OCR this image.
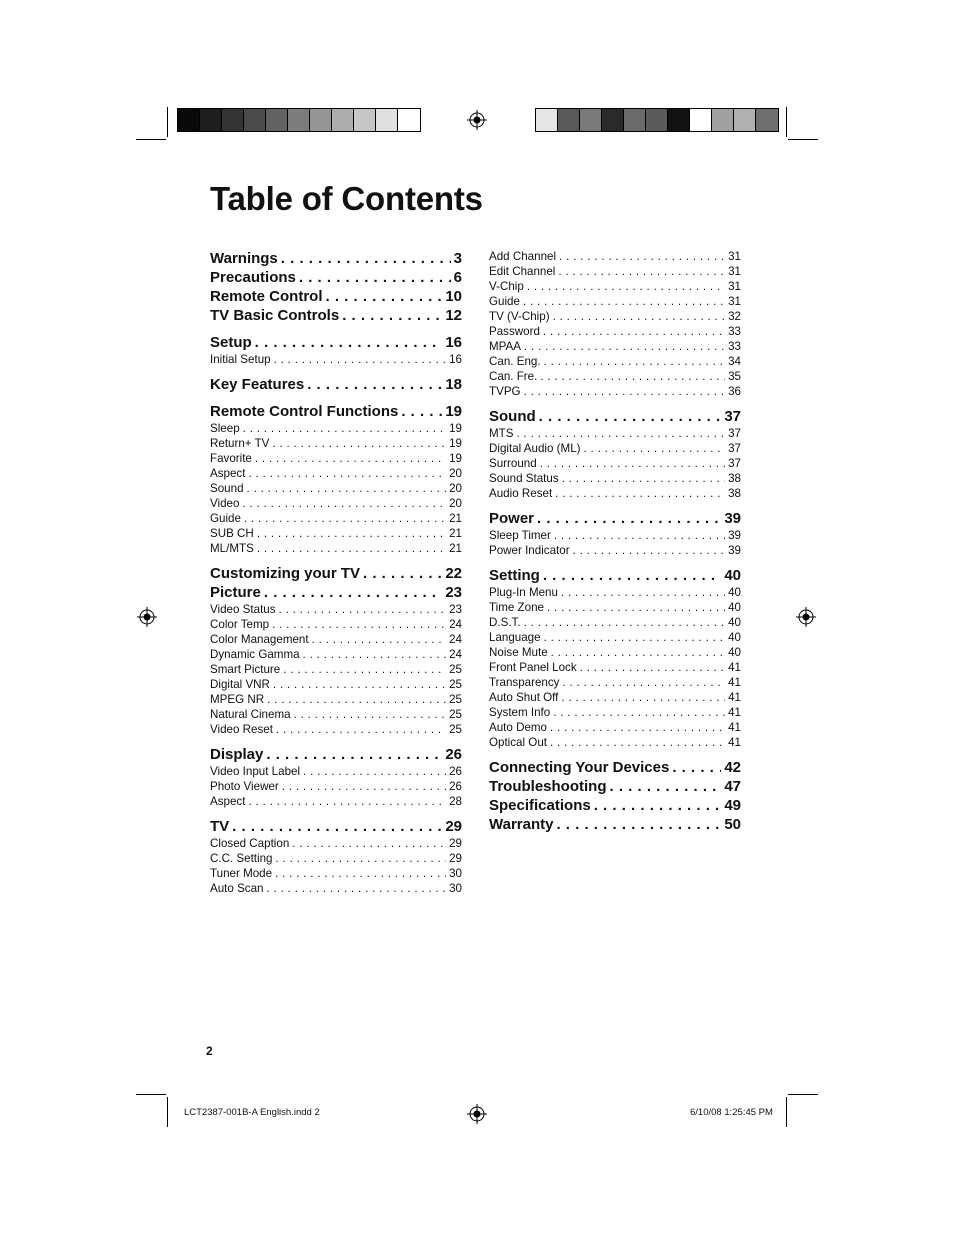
Table of Contents
Warnings . . .	3
Precautions . . .	6
Remote Control . . .	10
TV Basic Controls . . .	12
Setup . . .	16
Initial Setup . . .	16
Key Features . . .	18
Remote Control Functions . . .	19
Sleep . . .	19
Return+ TV . . .	19
Favorite . . .	19
Aspect . . .	20
Sound . . .	20
Video . . .	20
Guide . . .	21
SUB CH . . .	21
ML/MTS . . .	21
Customizing your TV . . .	22
Picture . . .	23
Video Status . . .	23
Color Temp . . .	24
Color Management . . .	24
Dynamic Gamma . . .	24
Smart Picture . . .	25
Digital VNR . . .	25
MPEG NR . . .	25
Natural Cinema . . .	25
Video Reset . . .	25
Display . . .	26
Video Input Label . . .	26
Photo Viewer . . .	26
Aspect . . .	28
TV . . .	29
Closed Caption . . .	29
C.C. Setting . . .	29
Tuner Mode . . .	30
Auto Scan . . .	30
Add Channel . . .	31
Edit Channel . . .	31
V-Chip . . .	31
Guide . . .	31
TV (V-Chip) . . .	32
Password . . .	33
MPAA . . .	33
Can. Eng. . . .	34
Can. Fre. . . .	35
TVPG . . .	36
Sound . . .	37
MTS . . .	37
Digital Audio (ML) . . .	37
Surround . . .	37
Sound Status . . .	38
Audio Reset . . .	38
Power . . .	39
Sleep Timer . . .	39
Power Indicator . . .	39
Setting . . .	40
Plug-In Menu . . .	40
Time Zone . . .	40
D.S.T. . . .	40
Language . . .	40
Noise Mute . . .	40
Front Panel Lock . . .	41
Transparency . . .	41
Auto Shut Off . . .	41
System Info . . .	41
Auto Demo . . .	41
Optical Out . . .	41
Connecting Your Devices . . .	42
Troubleshooting . . .	47
Specifications . . .	49
Warranty . . .	50
2
LCT2387-001B-A English.indd 2	6/10/08 1:25:45 PM
